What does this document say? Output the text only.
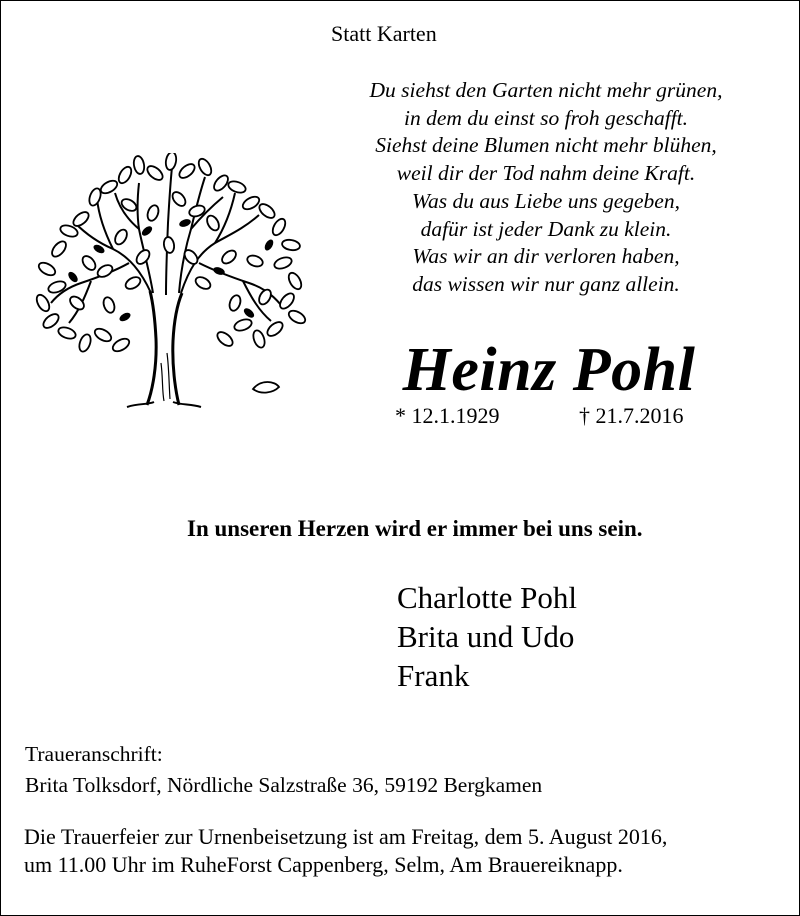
Statt Karten
Du siehst den Garten nicht mehr grünen,
in dem du einst so froh geschafft.
Siehst deine Blumen nicht mehr blühen,
weil dir der Tod nahm deine Kraft.
Was du aus Liebe uns gegeben,
dafür ist jeder Dank zu klein.
Was wir an dir verloren haben,
das wissen wir nur ganz allein.
Heinz Pohl
* 12.1.1929	† 21.7.2016
In unseren Herzen wird er immer bei uns sein.
Charlotte Pohl
Brita und Udo
Frank
Traueranschrift:
Brita Tolksdorf, Nördliche Salzstraße 36, 59192 Bergkamen
Die Trauerfeier zur Urnenbeisetzung ist am Freitag, dem 5. August 2016,
um 11.00 Uhr im RuheForst Cappenberg, Selm, Am Brauereiknapp.
